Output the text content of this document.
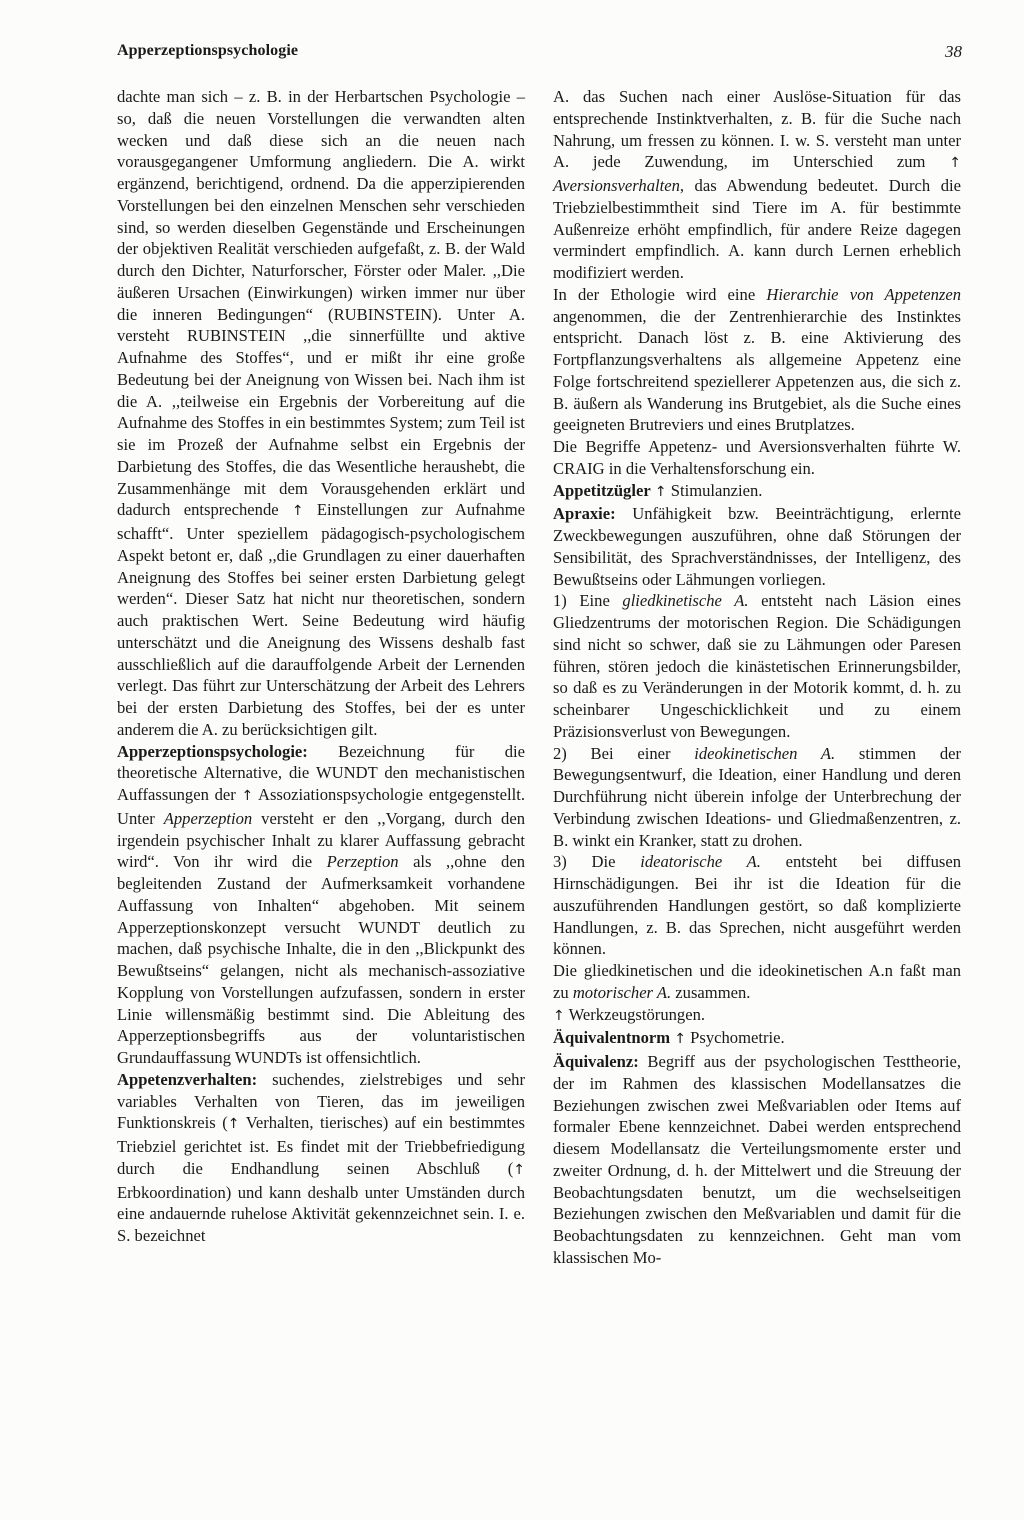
Apperzeptionspsychologie	38

dachte man sich – z. B. in der Herbartschen Psychologie – so, daß die neuen Vorstellungen die verwandten alten wecken und daß diese sich an die neuen nach vorausgegangener Umformung angliedern. Die A. wirkt ergänzend, berichtigend, ordnend. Da die apperzipierenden Vorstellungen bei den einzelnen Menschen sehr verschieden sind, so werden dieselben Gegenstände und Erscheinungen der objektiven Realität verschieden aufgefaßt, z. B. der Wald durch den Dichter, Naturforscher, Förster oder Maler. ,,Die äußeren Ursachen (Einwirkungen) wirken immer nur über die inneren Bedingungen“ (RUBINSTEIN). Unter A. versteht RUBINSTEIN ,,die sinnerfüllte und aktive Aufnahme des Stoffes“, und er mißt ihr eine große Bedeutung bei der Aneignung von Wissen bei. Nach ihm ist die A. ,,teilweise ein Ergebnis der Vorbereitung auf die Aufnahme des Stoffes in ein bestimmtes System; zum Teil ist sie im Prozeß der Aufnahme selbst ein Ergebnis der Darbietung des Stoffes, die das Wesentliche heraushebt, die Zusammenhänge mit dem Vorausgehenden erklärt und dadurch entsprechende ↑ Einstellungen zur Aufnahme schafft“. Unter speziellem pädagogisch-psychologischem Aspekt betont er, daß ,,die Grundlagen zu einer dauerhaften Aneignung des Stoffes bei seiner ersten Darbietung gelegt werden“. Dieser Satz hat nicht nur theoretischen, sondern auch praktischen Wert. Seine Bedeutung wird häufig unterschätzt und die Aneignung des Wissens deshalb fast ausschließlich auf die darauffolgende Arbeit der Lernenden verlegt. Das führt zur Unterschätzung der Arbeit des Lehrers bei der ersten Darbietung des Stoffes, bei der es unter anderem die A. zu berücksichtigen gilt.

Apperzeptionspsychologie: Bezeichnung für die theoretische Alternative, die WUNDT den mechanistischen Auffassungen der ↑ Assoziationspsychologie entgegenstellt. Unter Apperzeption versteht er den ,,Vorgang, durch den irgendein psychischer Inhalt zu klarer Auffassung gebracht wird“. Von ihr wird die Perzeption als ,,ohne den begleitenden Zustand der Aufmerksamkeit vorhandene Auffassung von Inhalten“ abgehoben. Mit seinem Apperzeptionskonzept versucht WUNDT deutlich zu machen, daß psychische Inhalte, die in den ,,Blickpunkt des Bewußtseins“ gelangen, nicht als mechanisch-assoziative Kopplung von Vorstellungen aufzufassen, sondern in erster Linie willensmäßig bestimmt sind. Die Ableitung des Apperzeptionsbegriffs aus der voluntaristischen Grundauffassung WUNDTs ist offensichtlich.

Appetenzverhalten: suchendes, zielstrebiges und sehr variables Verhalten von Tieren, das im jeweiligen Funktionskreis (↑ Verhalten, tierisches) auf ein bestimmtes Triebziel gerichtet ist. Es findet mit der Triebbefriedigung durch die Endhandlung seinen Abschluß (↑ Erbkoordination) und kann deshalb unter Umständen durch eine andauernde ruhelose Aktivität gekennzeichnet sein. I. e. S. bezeichnet

A. das Suchen nach einer Auslöse-Situation für das entsprechende Instinktverhalten, z. B. für die Suche nach Nahrung, um fressen zu können. I. w. S. versteht man unter A. jede Zuwendung, im Unterschied zum ↑ Aversionsverhalten, das Abwendung bedeutet. Durch die Triebzielbestimmtheit sind Tiere im A. für bestimmte Außenreize erhöht empfindlich, für andere Reize dagegen vermindert empfindlich. A. kann durch Lernen erheblich modifiziert werden.

In der Ethologie wird eine Hierarchie von Appetenzen angenommen, die der Zentrenhierarchie des Instinktes entspricht. Danach löst z. B. eine Aktivierung des Fortpflanzungsverhaltens als allgemeine Appetenz eine Folge fortschreitend speziellerer Appetenzen aus, die sich z. B. äußern als Wanderung ins Brutgebiet, als die Suche eines geeigneten Brutreviers und eines Brutplatzes.

Die Begriffe Appetenz- und Aversionsverhalten führte W. CRAIG in die Verhaltensforschung ein.

Appetitzügler ↑ Stimulanzien.

Apraxie: Unfähigkeit bzw. Beeinträchtigung, erlernte Zweckbewegungen auszuführen, ohne daß Störungen der Sensibilität, des Sprachverständnisses, der Intelligenz, des Bewußtseins oder Lähmungen vorliegen.

1) Eine gliedkinetische A. entsteht nach Läsion eines Gliedzentrums der motorischen Region. Die Schädigungen sind nicht so schwer, daß sie zu Lähmungen oder Paresen führen, stören jedoch die kinästetischen Erinnerungsbilder, so daß es zu Veränderungen in der Motorik kommt, d. h. zu scheinbarer Ungeschicklichkeit und zu einem Präzisionsverlust von Bewegungen.

2) Bei einer ideokinetischen A. stimmen der Bewegungsentwurf, die Ideation, einer Handlung und deren Durchführung nicht überein infolge der Unterbrechung der Verbindung zwischen Ideations- und Gliedmaßenzentren, z. B. winkt ein Kranker, statt zu drohen.

3) Die ideatorische A. entsteht bei diffusen Hirnschädigungen. Bei ihr ist die Ideation für die auszuführenden Handlungen gestört, so daß komplizierte Handlungen, z. B. das Sprechen, nicht ausgeführt werden können.

Die gliedkinetischen und die ideokinetischen A.n faßt man zu motorischer A. zusammen.

↑ Werkzeugstörungen.

Äquivalentnorm ↑ Psychometrie.

Äquivalenz: Begriff aus der psychologischen Testtheorie, der im Rahmen des klassischen Modellansatzes die Beziehungen zwischen zwei Meßvariablen oder Items auf formaler Ebene kennzeichnet. Dabei werden entsprechend diesem Modellansatz die Verteilungsmomente erster und zweiter Ordnung, d. h. der Mittelwert und die Streuung der Beobachtungsdaten benutzt, um die wechselseitigen Beziehungen zwischen den Meßvariablen und damit für die Beobachtungsdaten zu kennzeichnen. Geht man vom klassischen Mo-
